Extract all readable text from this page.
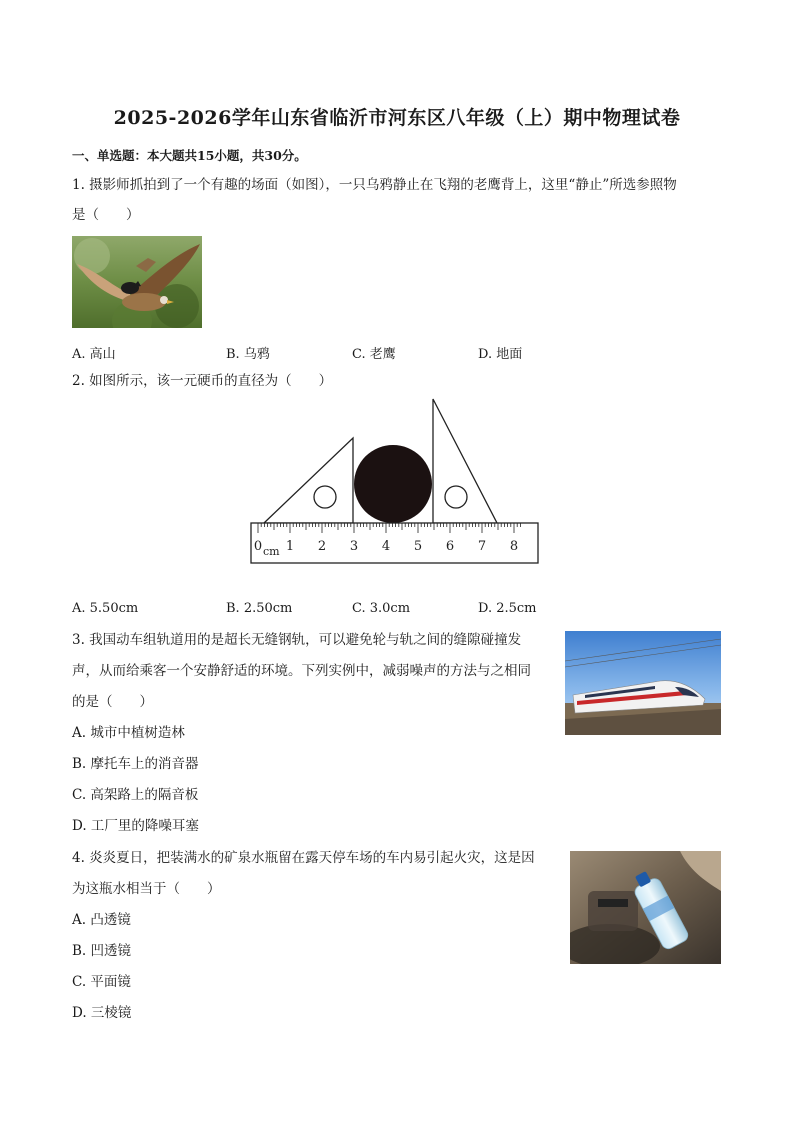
2025-2026学年山东省临沂市河东区八年级（上）期中物理试卷
一、单选题：本大题共15小题，共30分。
1. 摄影师抓拍到了一个有趣的场面（如图），一只乌鸦静止在飞翔的老鹰背上，这里“静止”所选参照物
是（　　）
A. 高山	B. 乌鸦	C. 老鹰	D. 地面
2. 如图所示，该一元硬币的直径为（　　）
0 1 2 3 4 5 6 7 8
cm
A. 5.50cm	B. 2.50cm	C. 3.0cm	D. 2.5cm
3. 我国动车组轨道用的是超长无缝钢轨，可以避免轮与轨之间的缝隙碰撞发
声，从而给乘客一个安静舒适的环境。下列实例中，减弱噪声的方法与之相同
的是（　　）
A. 城市中植树造林
B. 摩托车上的消音器
C. 高架路上的隔音板
D. 工厂里的降噪耳塞
4. 炎炎夏日，把装满水的矿泉水瓶留在露天停车场的车内易引起火灾，这是因
为这瓶水相当于（　　）
A. 凸透镜
B. 凹透镜
C. 平面镜
D. 三棱镜
